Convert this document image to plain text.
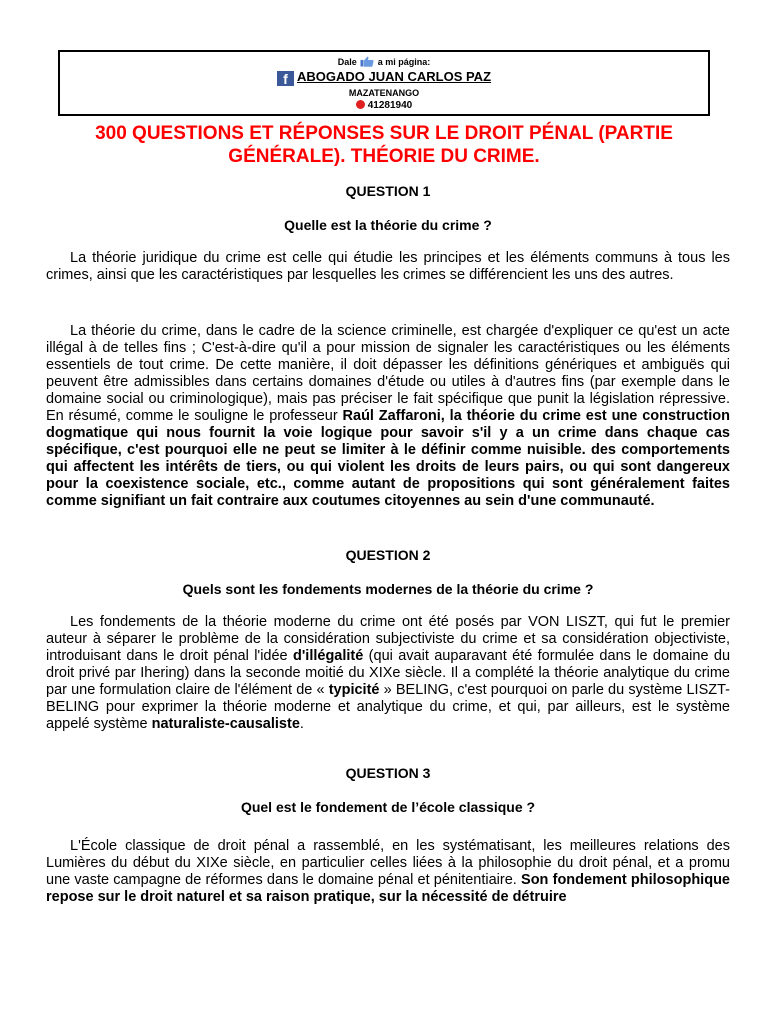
Dale a mi página:
f ABOGADO JUAN CARLOS PAZ
MAZATENANGO
41281940
300 QUESTIONS ET RÉPONSES SUR LE DROIT PÉNAL (PARTIE GÉNÉRALE). THÉORIE DU CRIME.
QUESTION 1
Quelle est la théorie du crime ?

La théorie juridique du crime est celle qui étudie les principes et les éléments communs à tous les crimes, ainsi que les caractéristiques par lesquelles les crimes se différencient les uns des autres.

La théorie du crime, dans le cadre de la science criminelle, est chargée d'expliquer ce qu'est un acte illégal à de telles fins ; C'est-à-dire qu'il a pour mission de signaler les caractéristiques ou les éléments essentiels de tout crime. De cette manière, il doit dépasser les définitions génériques et ambiguës qui peuvent être admissibles dans certains domaines d'étude ou utiles à d'autres fins (par exemple dans le domaine social ou criminologique), mais pas préciser le fait spécifique que punit la législation répressive. En résumé, comme le souligne le professeur Raúl Zaffaroni, la théorie du crime est une construction dogmatique qui nous fournit la voie logique pour savoir s'il y a un crime dans chaque cas spécifique, c'est pourquoi elle ne peut se limiter à le définir comme nuisible. des comportements qui affectent les intérêts de tiers, ou qui violent les droits de leurs pairs, ou qui sont dangereux pour la coexistence sociale, etc., comme autant de propositions qui sont généralement faites comme signifiant un fait contraire aux coutumes citoyennes au sein d'une communauté.

QUESTION 2
Quels sont les fondements modernes de la théorie du crime ?

Les fondements de la théorie moderne du crime ont été posés par VON LISZT, qui fut le premier auteur à séparer le problème de la considération subjectiviste du crime et sa considération objectiviste, introduisant dans le droit pénal l'idée d'illégalité (qui avait auparavant été formulée dans le domaine du droit privé par Ihering) dans la seconde moitié du XIXe siècle. Il a complété la théorie analytique du crime par une formulation claire de l'élément de « typicité » BELING, c'est pourquoi on parle du système LISZT-BELING pour exprimer la théorie moderne et analytique du crime, et qui, par ailleurs, est le système appelé système naturaliste-causaliste.

QUESTION 3
Quel est le fondement de l’école classique ?

L'École classique de droit pénal a rassemblé, en les systématisant, les meilleures relations des Lumières du début du XIXe siècle, en particulier celles liées à la philosophie du droit pénal, et a promu une vaste campagne de réformes dans le domaine pénal et pénitentiaire. Son fondement philosophique repose sur le droit naturel et sa raison pratique, sur la nécessité de détruire
